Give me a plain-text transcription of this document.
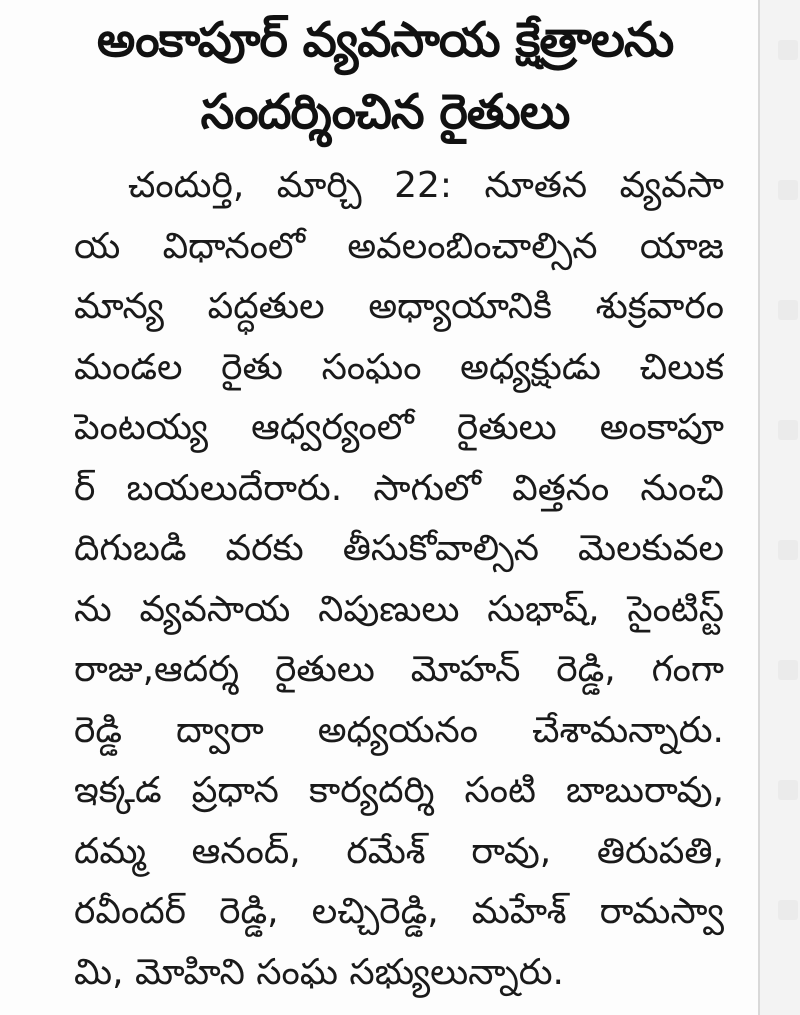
అంకాపూర్ వ్యవసాయ క్షేత్రాలను
సందర్శించిన రైతులు
చందుర్తి, మార్చి 22: నూతన వ్యవసా
య విధానంలో అవలంబించాల్సిన యాజ
మాన్య పద్ధతుల అధ్యాయానికి శుక్రవారం
మండల రైతు సంఘం అధ్యక్షుడు చిలుక
పెంటయ్య ఆధ్వర్యంలో రైతులు అంకాపూ
ర్ బయలుదేరారు. సాగులో విత్తనం నుంచి
దిగుబడి వరకు తీసుకోవాల్సిన మెలకువల
ను వ్యవసాయ నిపుణులు సుభాష్, సైంటిస్ట్
రాజు,ఆదర్శ రైతులు మోహన్ రెడ్డి, గంగా
రెడ్డి ద్వారా అధ్యయనం చేశామన్నారు.
ఇక్కడ ప్రధాన కార్యదర్శి సంటి బాబురావు,
దమ్మ ఆనంద్, రమేశ్ రావు, తిరుపతి,
రవీందర్ రెడ్డి, లచ్చిరెడ్డి, మహేశ్ రామస్వా
మి, మోహిని సంఘ సభ్యులున్నారు.
